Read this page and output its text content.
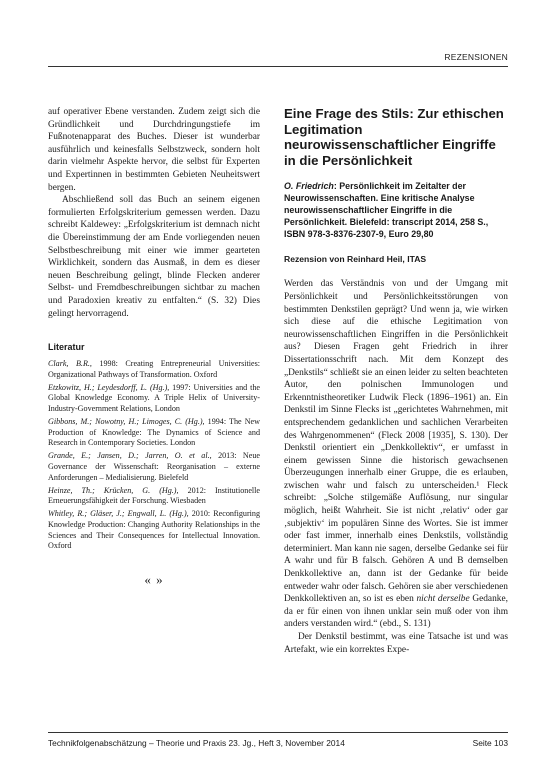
REZENSIONEN

auf operativer Ebene verstanden. Zudem zeigt sich die Gründlichkeit und Durchdringungstiefe im Fußnotenapparat des Buches. Dieser ist wunderbar ausführlich und keinesfalls Selbstzweck, sondern holt darin vielmehr Aspekte hervor, die selbst für Experten und Expertinnen in bestimmten Gebieten Neuheitswert bergen.

Abschließend soll das Buch an seinem eigenen formulierten Erfolgskriterium gemessen werden. Dazu schreibt Kaldewey: „Erfolgskriterium ist demnach nicht die Übereinstimmung der am Ende vorliegenden neuen Selbstbeschreibung mit einer wie immer gearteten Wirklichkeit, sondern das Ausmaß, in dem es dieser neuen Beschreibung gelingt, blinde Flecken anderer Selbst- und Fremdbeschreibungen sichtbar zu machen und Paradoxien kreativ zu entfalten.“ (S. 32) Dies gelingt hervorragend.

Literatur
Clark, B.R., 1998: Creating Entrepreneurial Universities: Organizational Pathways of Transformation. Oxford
Etzkowitz, H.; Leydesdorff, L. (Hg.), 1997: Universities and the Global Knowledge Economy. A Triple Helix of University-Industry-Government Relations, London
Gibbons, M.; Nowotny, H.; Limoges, C. (Hg.), 1994: The New Production of Knowledge: The Dynamics of Science and Research in Contemporary Societies. London
Grande, E.; Jansen, D.; Jarren, O. et al., 2013: Neue Governance der Wissenschaft: Reorganisation – externe Anforderungen – Medialisierung. Bielefeld
Heinze, Th.; Krücken, G. (Hg.), 2012: Institutionelle Erneuerungsfähigkeit der Forschung. Wiesbaden
Whitley, R.; Gläser, J.; Engwall, L. (Hg.), 2010: Reconfiguring Knowledge Production: Changing Authority Relationships in the Sciences and Their Consequences for Intellectual Innovation. Oxford
« »
Eine Frage des Stils: Zur ethischen Legitimation neurowissenschaftlicher Eingriffe in die Persönlichkeit

O. Friedrich: Persönlichkeit im Zeitalter der Neurowissenschaften. Eine kritische Analyse neurowissenschaftlicher Eingriffe in die Persönlichkeit. Bielefeld: transcript 2014, 258 S., ISBN 978-3-8376-2307-9, Euro 29,80

Rezension von Reinhard Heil, ITAS

Werden das Verständnis von und der Umgang mit Persönlichkeit und Persönlichkeitsstörungen von bestimmten Denkstilen geprägt? Und wenn ja, wie wirken sich diese auf die ethische Legitimation von neurowissenschaftlichen Eingriffen in die Persönlichkeit aus? Diesen Fragen geht Friedrich in ihrer Dissertationsschrift nach. Mit dem Konzept des „Denkstils“ schließt sie an einen leider zu selten beachteten Autor, den polnischen Immunologen und Erkenntnistheoretiker Ludwik Fleck (1896–1961) an. Ein Denkstil im Sinne Flecks ist „gerichtetes Wahrnehmen, mit entsprechendem gedanklichen und sachlichen Verarbeiten des Wahrgenommenen“ (Fleck 2008 [1935], S. 130). Der Denkstil orientiert ein „Denkkollektiv“, er umfasst in einem gewissen Sinne die historisch gewachsenen Überzeugungen innerhalb einer Gruppe, die es erlauben, zwischen wahr und falsch zu unterscheiden.¹ Fleck schreibt: „Solche stilgemäße Auflösung, nur singular möglich, heißt Wahrheit. Sie ist nicht ‚relativ‘ oder gar ‚subjektiv‘ im populären Sinne des Wortes. Sie ist immer oder fast immer, innerhalb eines Denkstils, vollständig determiniert. Man kann nie sagen, derselbe Gedanke sei für A wahr und für B falsch. Gehören A und B demselben Denkkollektive an, dann ist der Gedanke für beide entweder wahr oder falsch. Gehören sie aber verschiedenen Denkkollektiven an, so ist es eben nicht derselbe Gedanke, da er für einen von ihnen unklar sein muß oder von ihm anders verstanden wird.“ (ebd., S. 131)

Der Denkstil bestimmt, was eine Tatsache ist und was Artefakt, wie ein korrektes Expe-

Technikfolgenabschätzung – Theorie und Praxis 23. Jg., Heft 3, November 2014	Seite 103
